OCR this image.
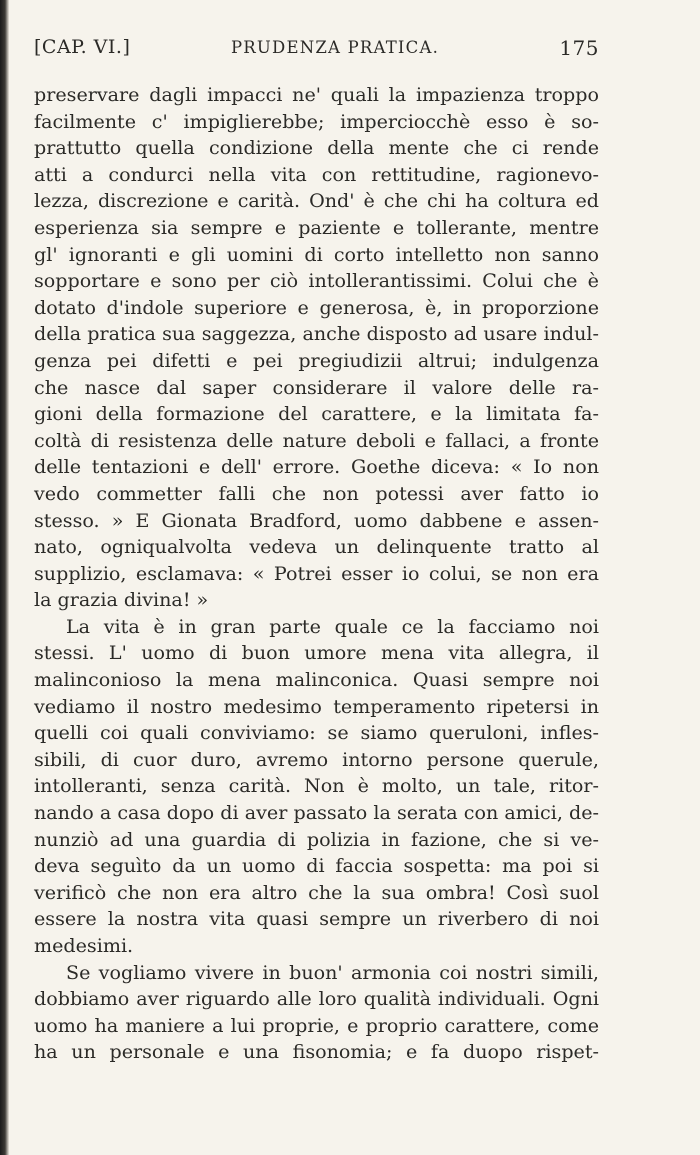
[CAP. VI.]	PRUDENZA PRATICA.	175
preservare dagli impacci ne' quali la impazienza troppo
facilmente c' impiglierebbe; imperciocchè esso è so-
prattutto quella condizione della mente che ci rende
atti a condurci nella vita con rettitudine, ragionevo-
lezza, discrezione e carità. Ond' è che chi ha coltura ed
esperienza sia sempre e paziente e tollerante, mentre
gl' ignoranti e gli uomini di corto intelletto non sanno
sopportare e sono per ciò intollerantissimi. Colui che è
dotato d'indole superiore e generosa, è, in proporzione
della pratica sua saggezza, anche disposto ad usare indul-
genza pei difetti e pei pregiudizii altrui; indulgenza
che nasce dal saper considerare il valore delle ra-
gioni della formazione del carattere, e la limitata fa-
coltà di resistenza delle nature deboli e fallaci, a fronte
delle tentazioni e dell' errore. Goethe diceva: « Io non
vedo commetter falli che non potessi aver fatto io
stesso. » E Gionata Bradford, uomo dabbene e assen-
nato, ogniqualvolta vedeva un delinquente tratto al
supplizio, esclamava: « Potrei esser io colui, se non era
la grazia divina! »
La vita è in gran parte quale ce la facciamo noi
stessi. L' uomo di buon umore mena vita allegra, il
malinconioso la mena malinconica. Quasi sempre noi
vediamo il nostro medesimo temperamento ripetersi in
quelli coi quali conviviamo: se siamo queruloni, infles-
sibili, di cuor duro, avremo intorno persone querule,
intolleranti, senza carità. Non è molto, un tale, ritor-
nando a casa dopo di aver passato la serata con amici, de-
nunziò ad una guardia di polizia in fazione, che si ve-
deva seguìto da un uomo di faccia sospetta: ma poi si
verificò che non era altro che la sua ombra! Così suol
essere la nostra vita quasi sempre un riverbero di noi
medesimi.
Se vogliamo vivere in buon' armonia coi nostri simili,
dobbiamo aver riguardo alle loro qualità individuali. Ogni
uomo ha maniere a lui proprie, e proprio carattere, come
ha un personale e una fisonomia; e fa duopo rispet-
